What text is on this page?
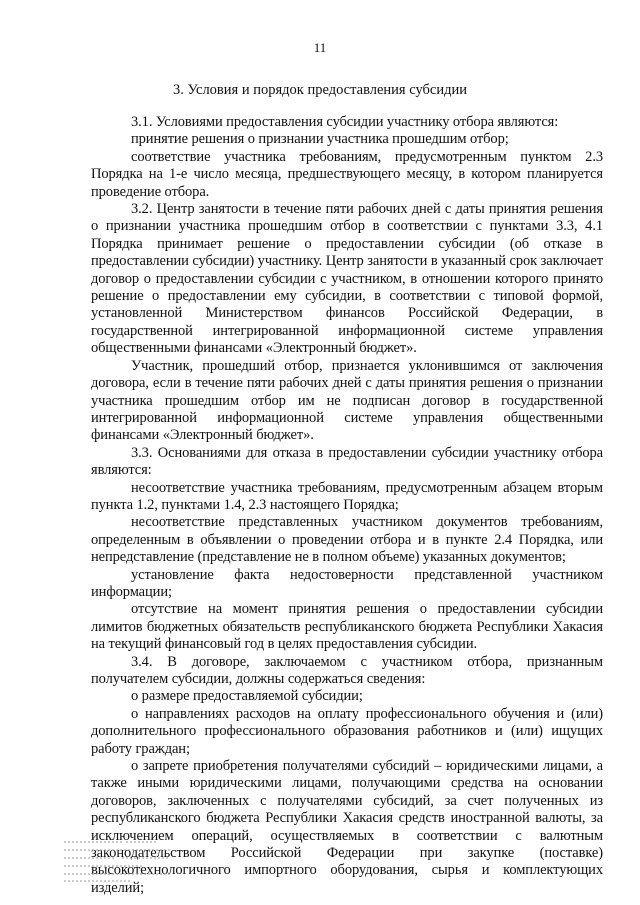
11
3. Условия и порядок предоставления субсидии

3.1. Условиями предоставления субсидии участнику отбора являются:

принятие решения о признании участника прошедшим отбор;

соответствие участника требованиям, предусмотренным пунктом 2.3 Порядка на 1-е число месяца, предшествующего месяцу, в котором планируется проведение отбора.

3.2. Центр занятости в течение пяти рабочих дней с даты принятия решения о признании участника прошедшим отбор в соответствии с пунктами 3.3, 4.1 Порядка принимает решение о предоставлении субсидии (об отказе в предоставлении субсидии) участнику. Центр занятости в указанный срок заключает договор о предоставлении субсидии с участником, в отношении которого принято решение о предоставлении ему субсидии, в соответствии с типовой формой, установленной Министерством финансов Российской Федерации, в государственной интегрированной информационной системе управления общественными финансами «Электронный бюджет».

Участник, прошедший отбор, признается уклонившимся от заключения договора, если в течение пяти рабочих дней с даты принятия решения о признании участника прошедшим отбор им не подписан договор в государственной интегрированной информационной системе управления общественными финансами «Электронный бюджет».

3.3. Основаниями для отказа в предоставлении субсидии участнику отбора являются:

несоответствие участника требованиям, предусмотренным абзацем вторым пункта 1.2, пунктами 1.4, 2.3 настоящего Порядка;

несоответствие представленных участником документов требованиям, определенным в объявлении о проведении отбора и в пункте 2.4 Порядка, или непредставление (представление не в полном объеме) указанных документов;

установление факта недостоверности представленной участником информации;

отсутствие на момент принятия решения о предоставлении субсидии лимитов бюджетных обязательств республиканского бюджета Республики Хакасия на текущий финансовый год в целях предоставления субсидии.

3.4. В договоре, заключаемом с участником отбора, признанным получателем субсидии, должны содержаться сведения:

о размере предоставляемой субсидии;

о направлениях расходов на оплату профессионального обучения и (или) дополнительного профессионального образования работников и (или) ищущих работу граждан;

о запрете приобретения получателями субсидий – юридическими лицами, а также иными юридическими лицами, получающими средства на основании договоров, заключенных с получателями субсидий, за счет полученных из республиканского бюджета Республики Хакасия средств иностранной валюты, за исключением операций, осуществляемых в соответствии с валютным законодательством Российской Федерации при закупке (поставке) высокотехнологичного импортного оборудования, сырья и комплектующих изделий;
